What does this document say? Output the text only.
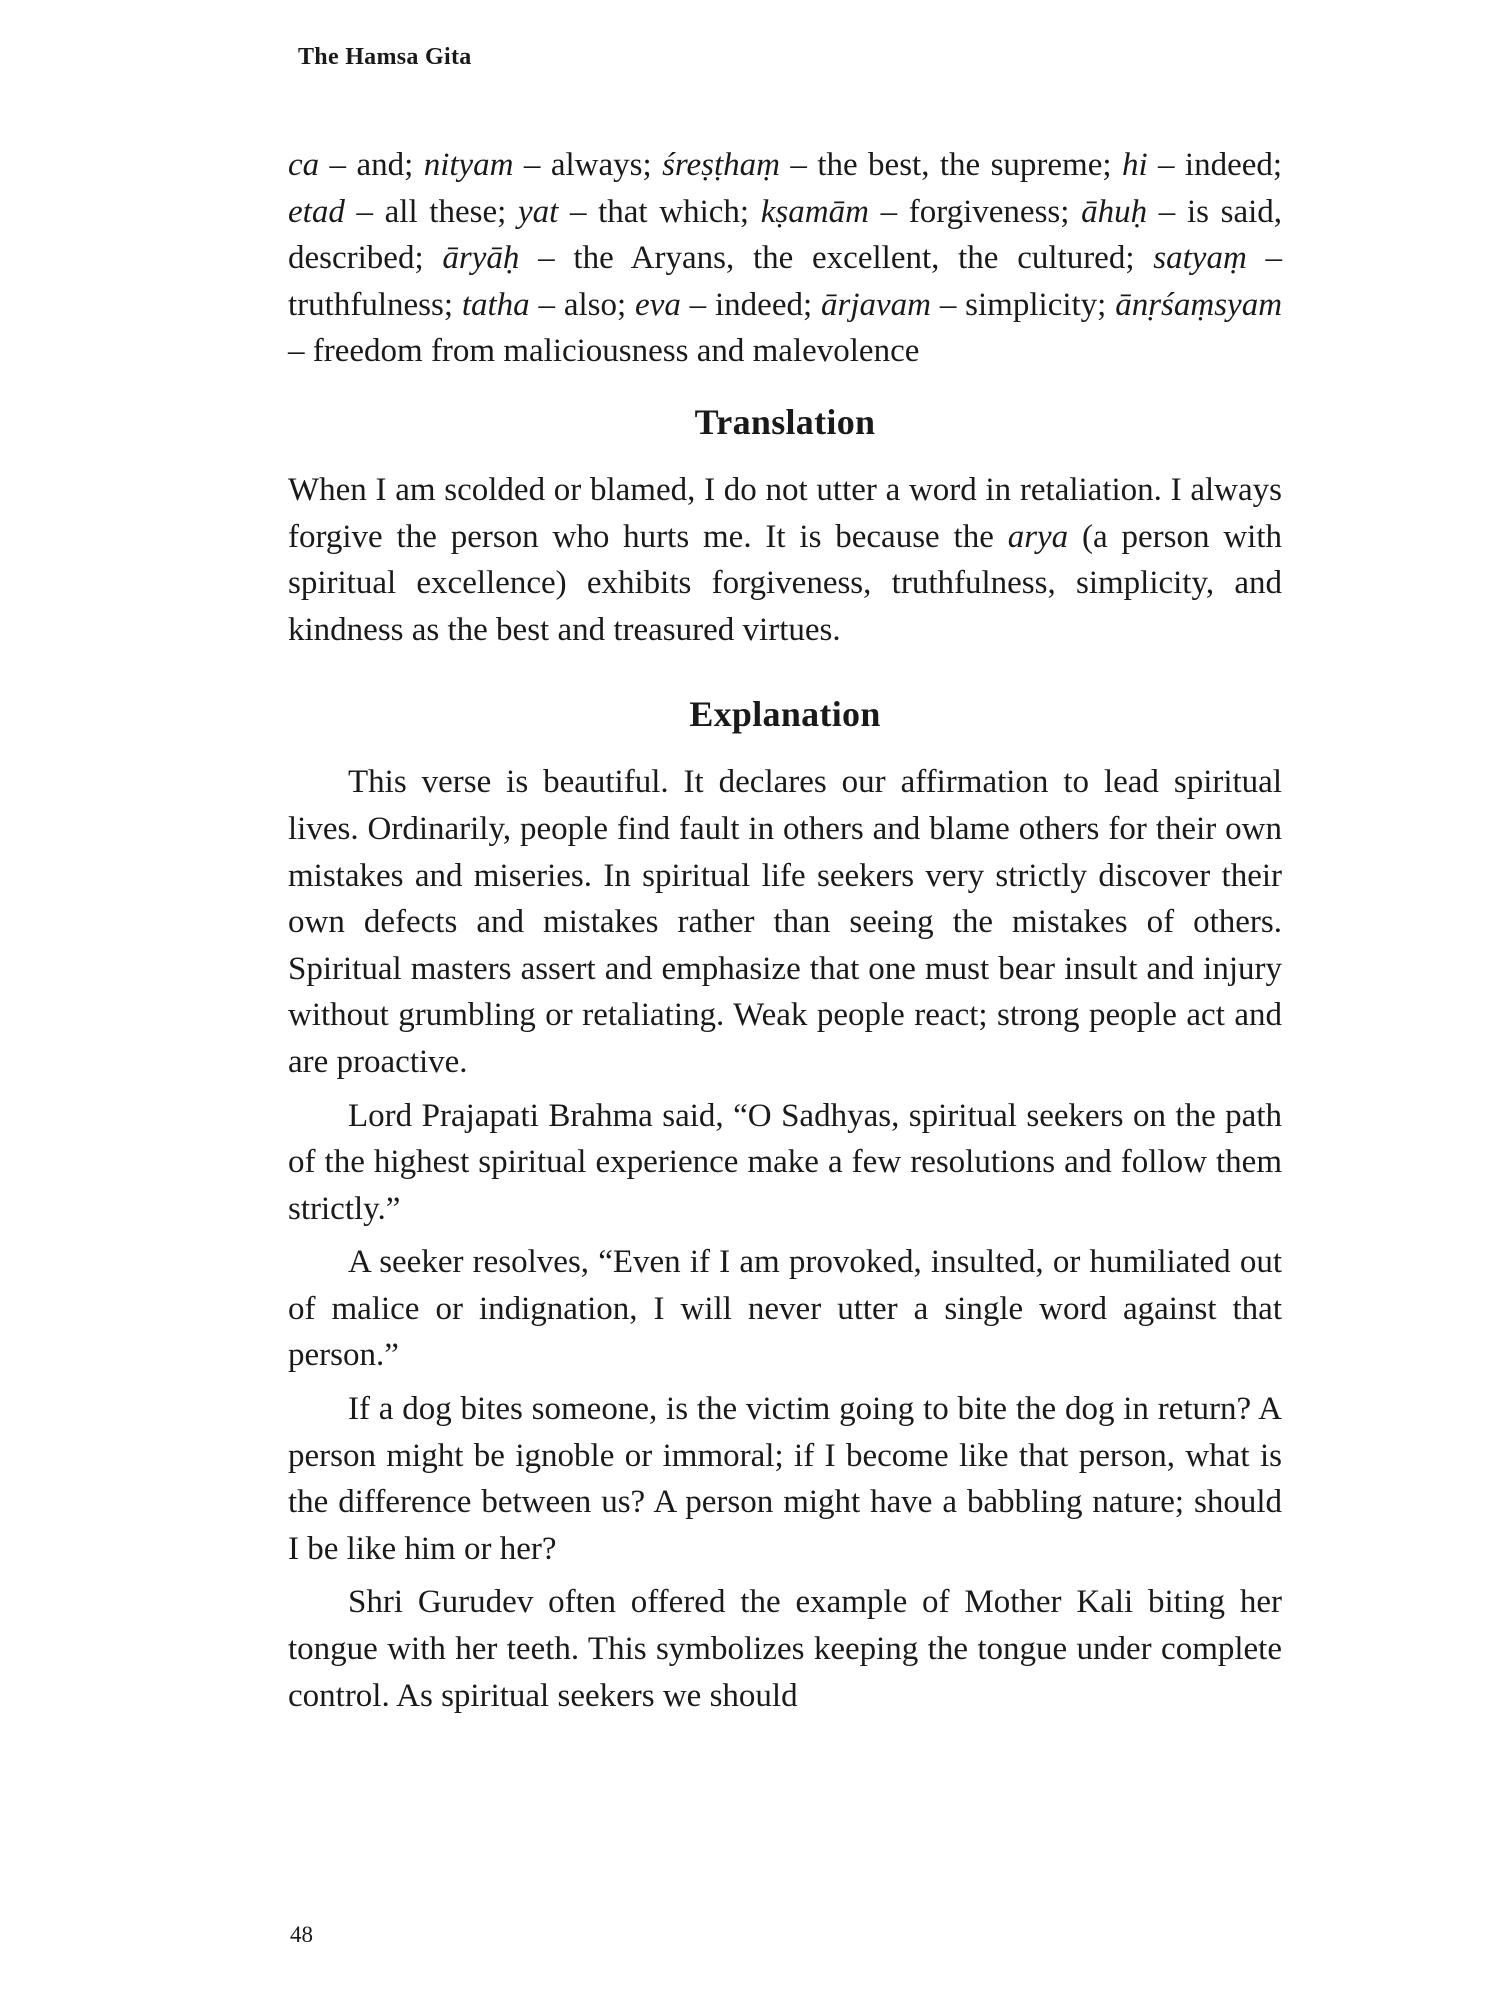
The Hamsa Gita

ca – and; nityam – always; śreṣṭhaṃ – the best, the supreme; hi – indeed; etad – all these; yat – that which; kṣamām – forgiveness; āhuḥ – is said, described; āryāḥ – the Aryans, the excellent, the cultured; satyaṃ – truthfulness; tatha – also; eva – indeed; ārjavam – simplicity; ānṛśaṃsyam – freedom from maliciousness and malevolence

Translation

When I am scolded or blamed, I do not utter a word in retaliation. I always forgive the person who hurts me. It is because the arya (a person with spiritual excellence) exhibits forgiveness, truthfulness, simplicity, and kindness as the best and treasured virtues.

Explanation

This verse is beautiful. It declares our affirmation to lead spiritual lives. Ordinarily, people find fault in others and blame others for their own mistakes and miseries. In spiritual life seekers very strictly discover their own defects and mistakes rather than seeing the mistakes of others. Spiritual masters assert and emphasize that one must bear insult and injury without grumbling or retaliating. Weak people react; strong people act and are proactive.

Lord Prajapati Brahma said, “O Sadhyas, spiritual seekers on the path of the highest spiritual experience make a few resolutions and follow them strictly.”

A seeker resolves, “Even if I am provoked, insulted, or humiliated out of malice or indignation, I will never utter a single word against that person.”

If a dog bites someone, is the victim going to bite the dog in return? A person might be ignoble or immoral; if I become like that person, what is the difference between us? A person might have a babbling nature; should I be like him or her?

Shri Gurudev often offered the example of Mother Kali biting her tongue with her teeth. This symbolizes keeping the tongue under complete control. As spiritual seekers we should

48
